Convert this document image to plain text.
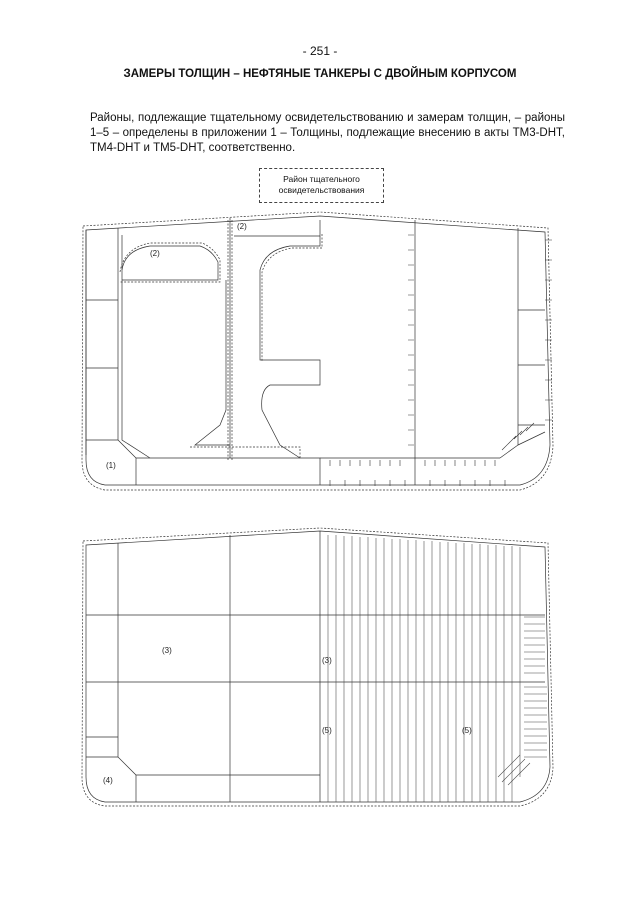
- 251 -
ЗАМЕРЫ ТОЛЩИН – НЕФТЯНЫЕ ТАНКЕРЫ С ДВОЙНЫМ КОРПУСОМ

Районы, подлежащие тщательному освидетельствованию и замерам толщин, – районы 1–5 – определены в приложении 1 – Толщины, подлежащие внесению в акты TM3-DHT, TM4-DHT и TM5-DHT, соответственно.

Район тщательного
освидетельствования
(2)
(2)
(1)
(3)
(3)
(5)	(5)
(4)
